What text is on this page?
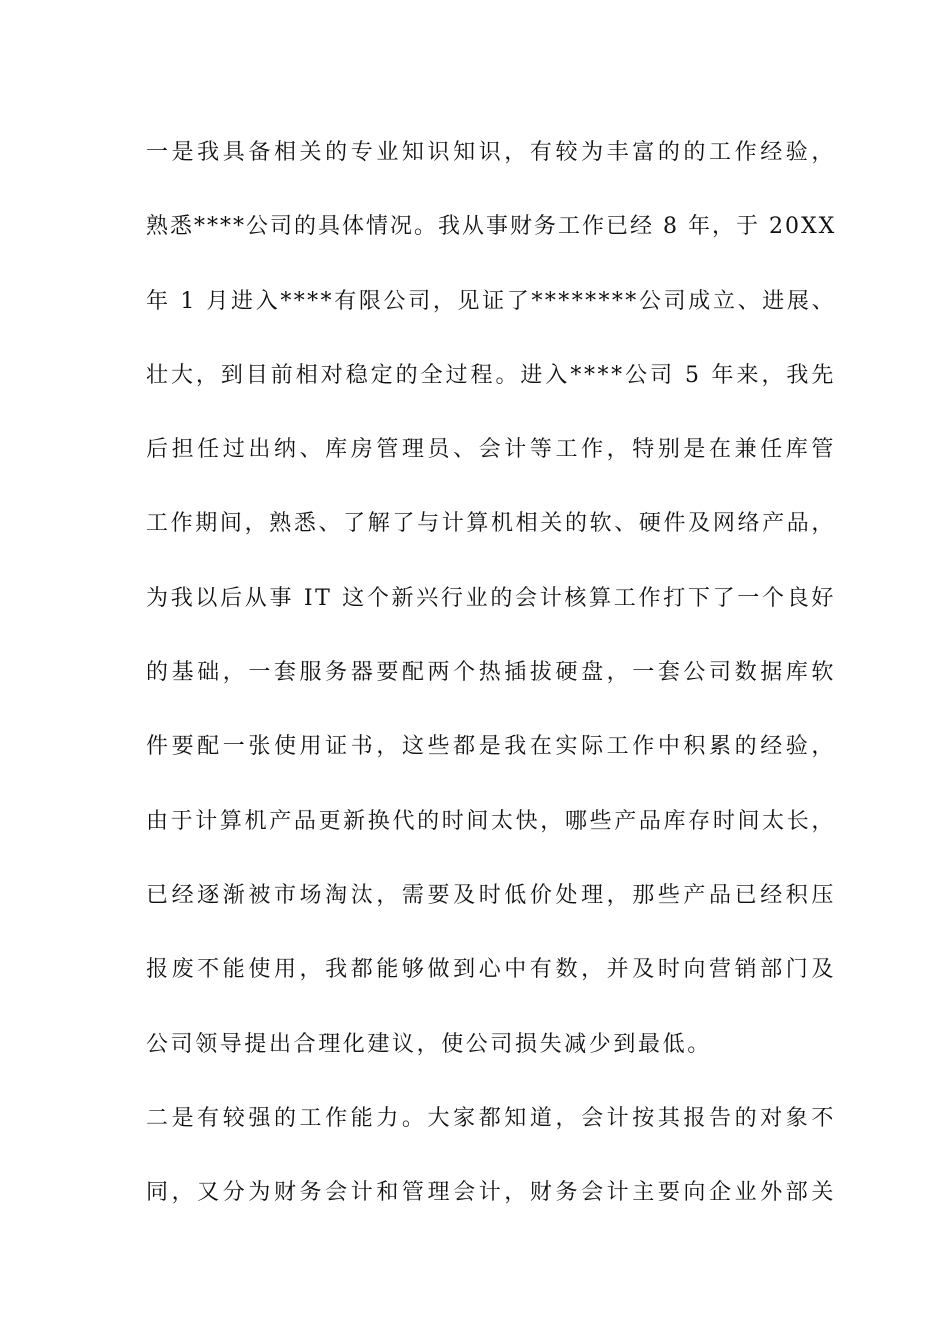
一是我具备相关的专业知识知识，有较为丰富的的工作经验，
熟悉****公司的具体情况。我从事财务工作已经 8 年，于 20XX
年 1 月进入****有限公司，见证了********公司成立、进展、
壮大，到目前相对稳定的全过程。进入****公司 5 年来，我先
后担任过出纳、库房管理员、会计等工作，特别是在兼任库管
工作期间，熟悉、了解了与计算机相关的软、硬件及网络产品，
为我以后从事 IT 这个新兴行业的会计核算工作打下了一个良好
的基础，一套服务器要配两个热插拔硬盘，一套公司数据库软
件要配一张使用证书，这些都是我在实际工作中积累的经验，
由于计算机产品更新换代的时间太快，哪些产品库存时间太长，
已经逐渐被市场淘汰，需要及时低价处理，那些产品已经积压
报废不能使用，我都能够做到心中有数，并及时向营销部门及
公司领导提出合理化建议，使公司损失减少到最低。
二是有较强的工作能力。大家都知道，会计按其报告的对象不
同，又分为财务会计和管理会计，财务会计主要向企业外部关
